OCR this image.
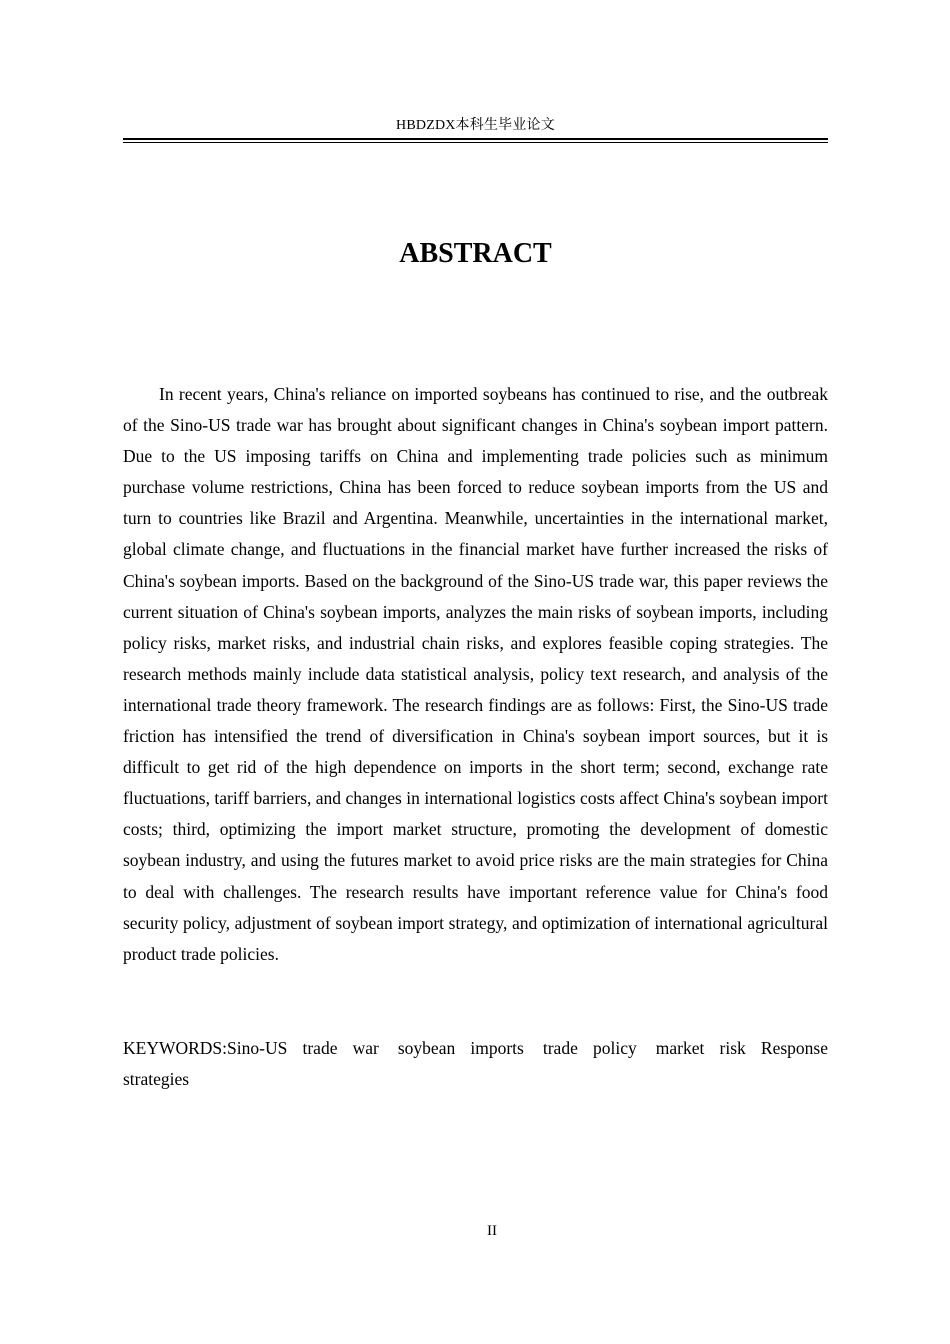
HBDZDX本科生毕业论文
ABSTRACT

In recent years, China's reliance on imported soybeans has continued to rise, and the outbreak of the Sino-US trade war has brought about significant changes in China's soybean import pattern. Due to the US imposing tariffs on China and implementing trade policies such as minimum purchase volume restrictions, China has been forced to reduce soybean imports from the US and turn to countries like Brazil and Argentina. Meanwhile, uncertainties in the international market, global climate change, and fluctuations in the financial market have further increased the risks of China's soybean imports. Based on the background of the Sino-US trade war, this paper reviews the current situation of China's soybean imports, analyzes the main risks of soybean imports, including policy risks, market risks, and industrial chain risks, and explores feasible coping strategies. The research methods mainly include data statistical analysis, policy text research, and analysis of the international trade theory framework. The research findings are as follows: First, the Sino-US trade friction has intensified the trend of diversification in China's soybean import sources, but it is difficult to get rid of the high dependence on imports in the short term; second, exchange rate fluctuations, tariff barriers, and changes in international logistics costs affect China's soybean import costs; third, optimizing the import market structure, promoting the development of domestic soybean industry, and using the futures market to avoid price risks are the main strategies for China to deal with challenges. The research results have important reference value for China's food security policy, adjustment of soybean import strategy, and optimization of international agricultural product trade policies.

KEYWORDS:Sino-US trade war soybean imports trade policy market risk Response strategies

II
